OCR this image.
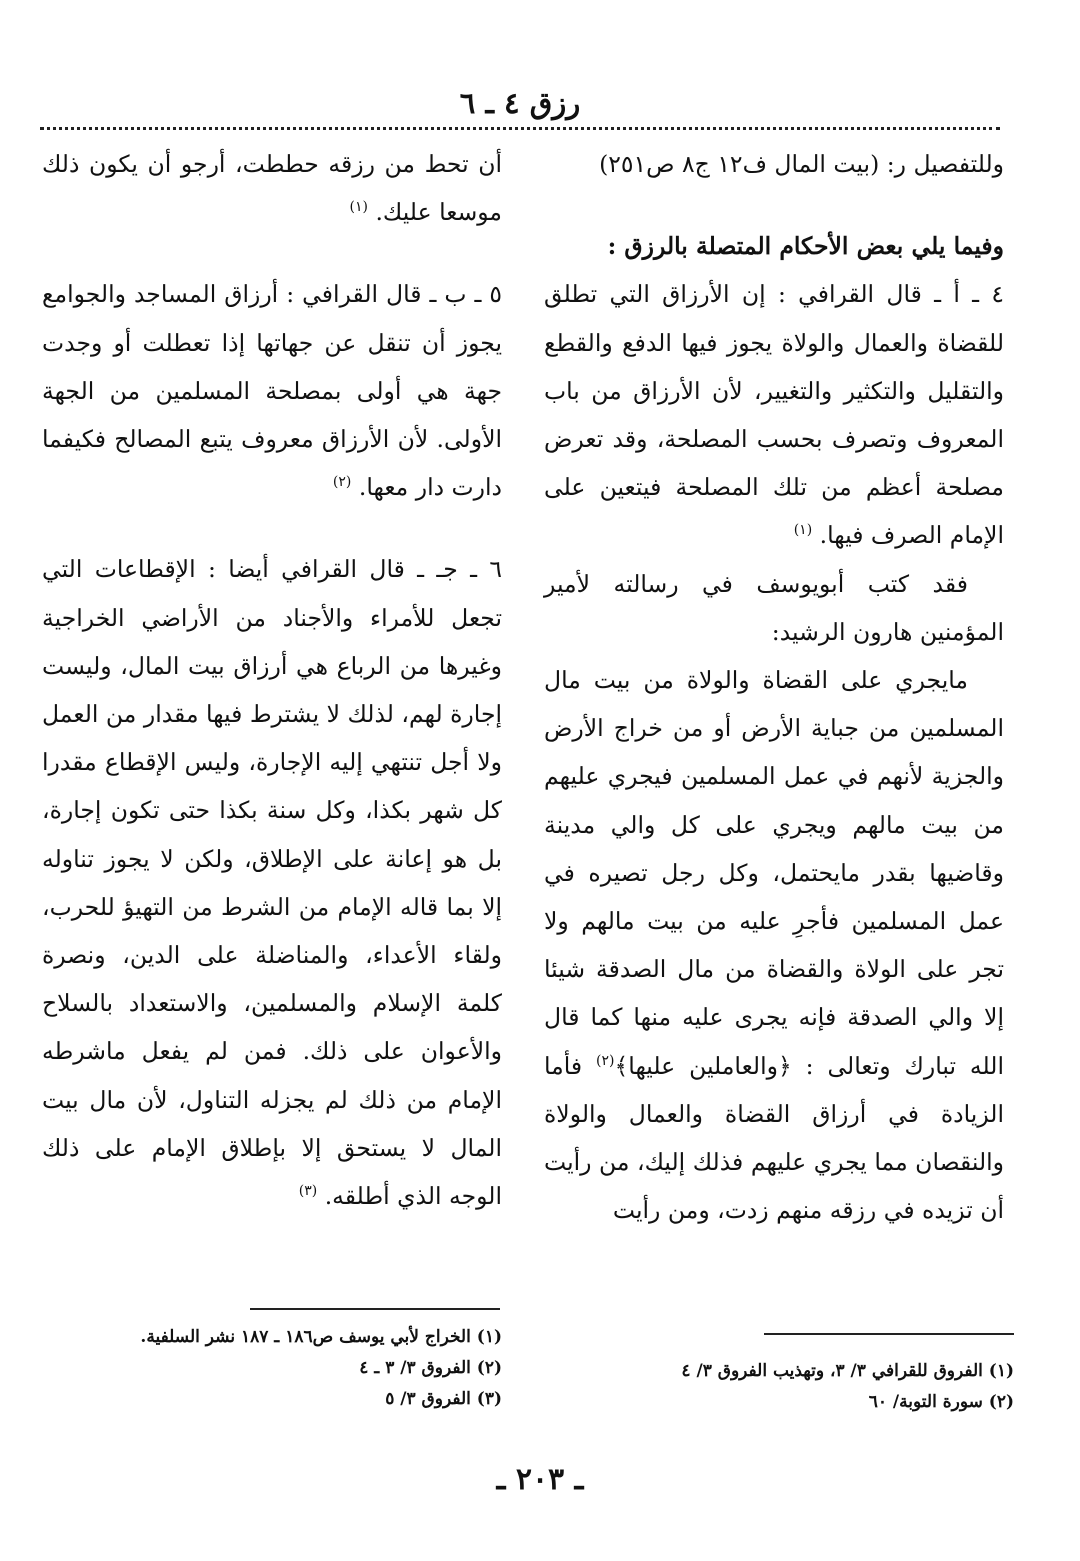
رزق ٤ ـ ٦

وللتفصيل ر: (بيت المال ف١٢ ج٨ ص٢٥١)

وفيما يلي بعض الأحكام المتصلة بالرزق :

٤ ـ أ ـ قال القرافي : إن الأرزاق التي تطلق للقضاة والعمال والولاة يجوز فيها الدفع والقطع والتقليل والتكثير والتغيير، لأن الأرزاق من باب المعروف وتصرف بحسب المصلحة، وقد تعرض مصلحة أعظم من تلك المصلحة فيتعين على الإمام الصرف فيها. $^{(١)}$

فقد كتب أبويوسف في رسالته لأمير المؤمنين هارون الرشيد:

مايجري على القضاة والولاة من بيت مال المسلمين من جباية الأرض أو من خراج الأرض والجزية لأنهم في عمل المسلمين فيجري عليهم من بيت مالهم ويجري على كل والي مدينة وقاضيها بقدر مايحتمل، وكل رجل تصيره في عمل المسلمين فأجرِ عليه من بيت مالهم ولا تجر على الولاة والقضاة من مال الصدقة شيئا إلا والي الصدقة فإنه يجرى عليه منها كما قال الله تبارك وتعالى : ﴿والعاملين عليها﴾$^{(٢)}$ فأما الزيادة في أرزاق القضاة والعمال والولاة والنقصان مما يجري عليهم فذلك إليك، من رأيت أن تزيده في رزقه منهم زدت، ومن رأيت

أن تحط من رزقه حططت، أرجو أن يكون ذلك موسعا عليك. $^{(١)}$

٥ ـ ب ـ قال القرافي : أرزاق المساجد والجوامع يجوز أن تنقل عن جهاتها إذا تعطلت أو وجدت جهة هي أولى بمصلحة المسلمين من الجهة الأولى. لأن الأرزاق معروف يتبع المصالح فكيفما دارت دار معها. $^{(٢)}$

٦ ـ جـ ـ قال القرافي أيضا : الإقطاعات التي تجعل للأمراء والأجناد من الأراضي الخراجية وغيرها من الرباع هي أرزاق بيت المال، وليست إجارة لهم، لذلك لا يشترط فيها مقدار من العمل ولا أجل تنتهي إليه الإجارة، وليس الإقطاع مقدرا كل شهر بكذا، وكل سنة بكذا حتى تكون إجارة، بل هو إعانة على الإطلاق، ولكن لا يجوز تناوله إلا بما قاله الإمام من الشرط من التهيؤ للحرب، ولقاء الأعداء، والمناضلة على الدين، ونصرة كلمة الإسلام والمسلمين، والاستعداد بالسلاح والأعوان على ذلك. فمن لم يفعل ماشرطه الإمام من ذلك لم يجزله التناول، لأن مال بيت المال لا يستحق إلا بإطلاق الإمام على ذلك الوجه الذي أطلقه. $^{(٣)}$

(١) الفروق للقرافي ٣/ ٣، وتهذيب الفروق ٣/ ٤
(٢) سورة التوبة/ ٦٠
(١) الخراج لأبي يوسف ص١٨٦ ـ ١٨٧ نشر السلفية.
(٢) الفروق ٣/ ٣ ـ ٤
(٣) الفروق ٣/ ٥
ـ ٢٠٣ ـ
